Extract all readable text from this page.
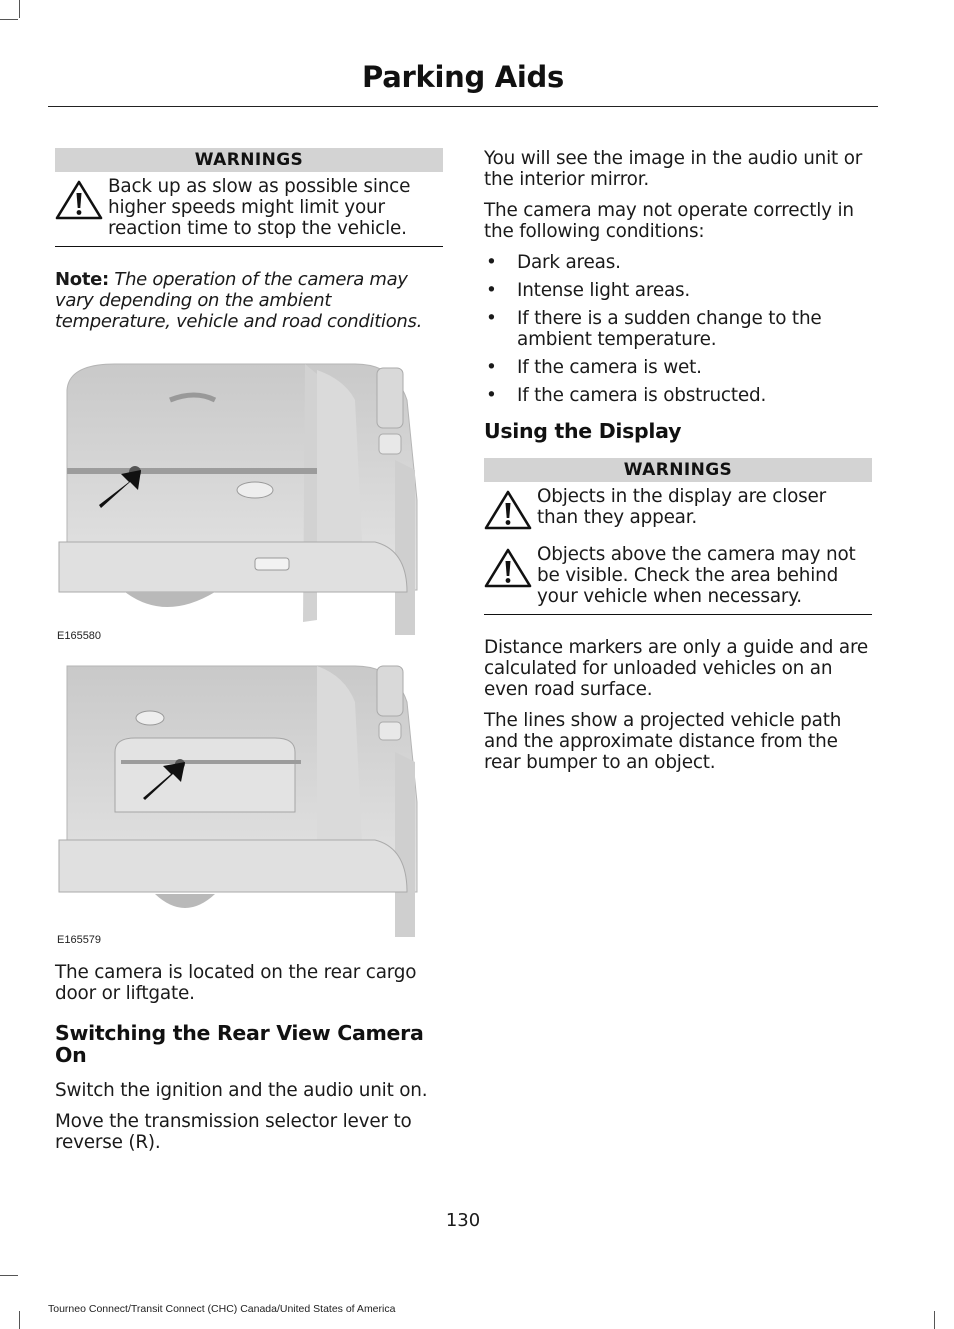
Parking Aids
WARNINGS

Back up as slow as possible since higher speeds might limit your reaction time to stop the vehicle.

Note: The operation of the camera may vary depending on the ambient temperature, vehicle and road conditions.

E165580
E165579

The camera is located on the rear cargo door or liftgate.

Switching the Rear View Camera On

Switch the ignition and the audio unit on.

Move the transmission selector lever to reverse (R).

You will see the image in the audio unit or the interior mirror.

The camera may not operate correctly in the following conditions:

• Dark areas.
• Intense light areas.
• If there is a sudden change to the ambient temperature.
• If the camera is wet.
• If the camera is obstructed.
Using the Display
WARNINGS

Objects in the display are closer than they appear.

Objects above the camera may not be visible. Check the area behind your vehicle when necessary.

Distance markers are only a guide and are calculated for unloaded vehicles on an even road surface.

The lines show a projected vehicle path and the approximate distance from the rear bumper to an object.

130
Tourneo Connect/Transit Connect (CHC) Canada/United States of America
